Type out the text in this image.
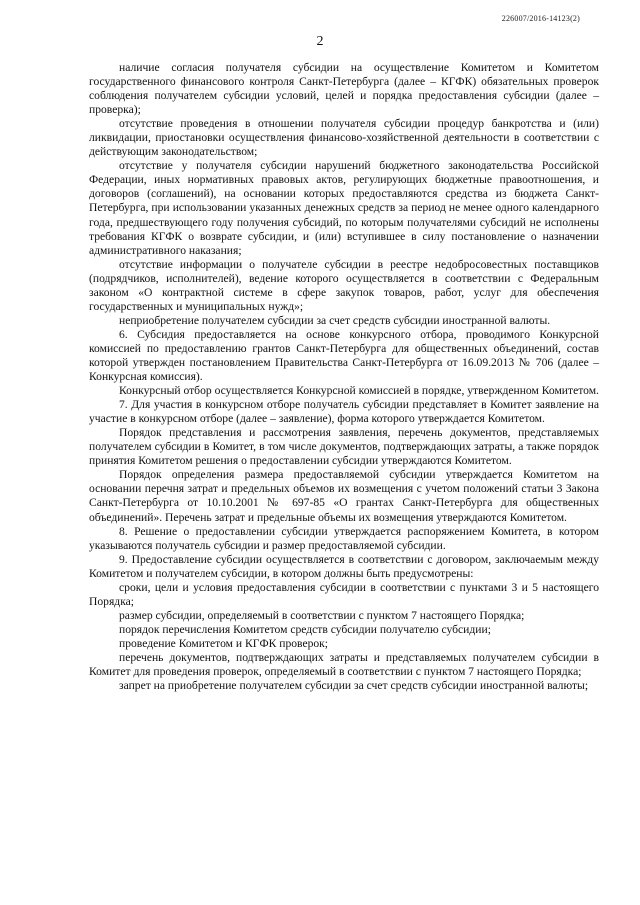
226007/2016-14123(2)
2

наличие согласия получателя субсидии на осуществление Комитетом и Комитетом государственного финансового контроля Санкт-Петербурга (далее – КГФК) обязательных проверок соблюдения получателем субсидии условий, целей и порядка предоставления субсидии (далее – проверка);

отсутствие проведения в отношении получателя субсидии процедур банкротства и (или) ликвидации, приостановки осуществления финансово-хозяйственной деятельности в соответствии с действующим законодательством;

отсутствие у получателя субсидии нарушений бюджетного законодательства Российской Федерации, иных нормативных правовых актов, регулирующих бюджетные правоотношения, и договоров (соглашений), на основании которых предоставляются средства из бюджета Санкт-Петербурга, при использовании указанных денежных средств за период не менее одного календарного года, предшествующего году получения субсидий, по которым получателями субсидий не исполнены требования КГФК о возврате субсидии, и (или) вступившее в силу постановление о назначении административного наказания;

отсутствие информации о получателе субсидии в реестре недобросовестных поставщиков (подрядчиков, исполнителей), ведение которого осуществляется в соответствии с Федеральным законом «О контрактной системе в сфере закупок товаров, работ, услуг для обеспечения государственных и муниципальных нужд»;

неприобретение получателем субсидии за счет средств субсидии иностранной валюты.

6. Субсидия предоставляется на основе конкурсного отбора, проводимого Конкурсной комиссией по предоставлению грантов Санкт-Петербурга для общественных объединений, состав которой утвержден постановлением Правительства Санкт-Петербурга от 16.09.2013 № 706 (далее – Конкурсная комиссия).

Конкурсный отбор осуществляется Конкурсной комиссией в порядке, утвержденном Комитетом.

7. Для участия в конкурсном отборе получатель субсидии представляет в Комитет заявление на участие в конкурсном отборе (далее – заявление), форма которого утверждается Комитетом.

Порядок представления и рассмотрения заявления, перечень документов, представляемых получателем субсидии в Комитет, в том числе документов, подтверждающих затраты, а также порядок принятия Комитетом решения о предоставлении субсидии утверждаются Комитетом.

Порядок определения размера предоставляемой субсидии утверждается Комитетом на основании перечня затрат и предельных объемов их возмещения с учетом положений статьи 3 Закона Санкт-Петербурга от 10.10.2001 № 697-85 «О грантах Санкт-Петербурга для общественных объединений». Перечень затрат и предельные объемы их возмещения утверждаются Комитетом.

8. Решение о предоставлении субсидии утверждается распоряжением Комитета, в котором указываются получатель субсидии и размер предоставляемой субсидии.

9. Предоставление субсидии осуществляется в соответствии с договором, заключаемым между Комитетом и получателем субсидии, в котором должны быть предусмотрены:

сроки, цели и условия предоставления субсидии в соответствии с пунктами 3 и 5 настоящего Порядка;

размер субсидии, определяемый в соответствии с пунктом 7 настоящего Порядка;

порядок перечисления Комитетом средств субсидии получателю субсидии;

проведение Комитетом и КГФК проверок;

перечень документов, подтверждающих затраты и представляемых получателем субсидии в Комитет для проведения проверок, определяемый в соответствии с пунктом 7 настоящего Порядка;

запрет на приобретение получателем субсидии за счет средств субсидии иностранной валюты;
